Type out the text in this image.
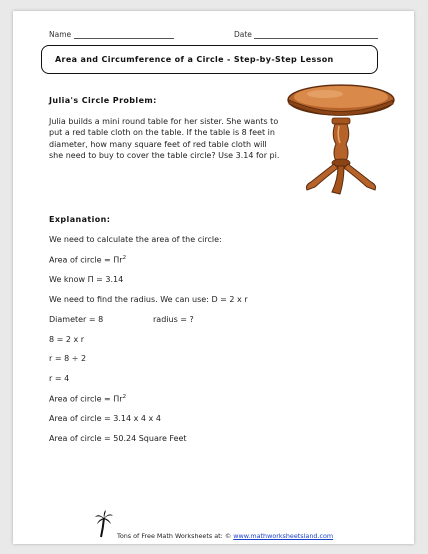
Name	Date
Area and Circumference of a Circle - Step-by-Step Lesson
Julia's Circle Problem:
Julia builds a mini round table for her sister. She wants to put a red table cloth on the table. If the table is 8 feet in diameter, how many square feet of red table cloth will she need to buy to cover the table circle? Use 3.14 for pi.
Explanation:
We need to calculate the area of the circle:
Area of circle = $\Pi r^2$
We know Π = 3.14
We need to find the radius. We can use: D = 2 x r
Diameter = 8	radius = ?
8 = 2 x r
r = 8 ÷ 2
r = 4
Area of circle = $\Pi r^2$
Area of circle = 3.14 x 4 x 4
Area of circle = 50.24 Square Feet
Tons of Free Math Worksheets at: © www.mathworksheetsland.com
